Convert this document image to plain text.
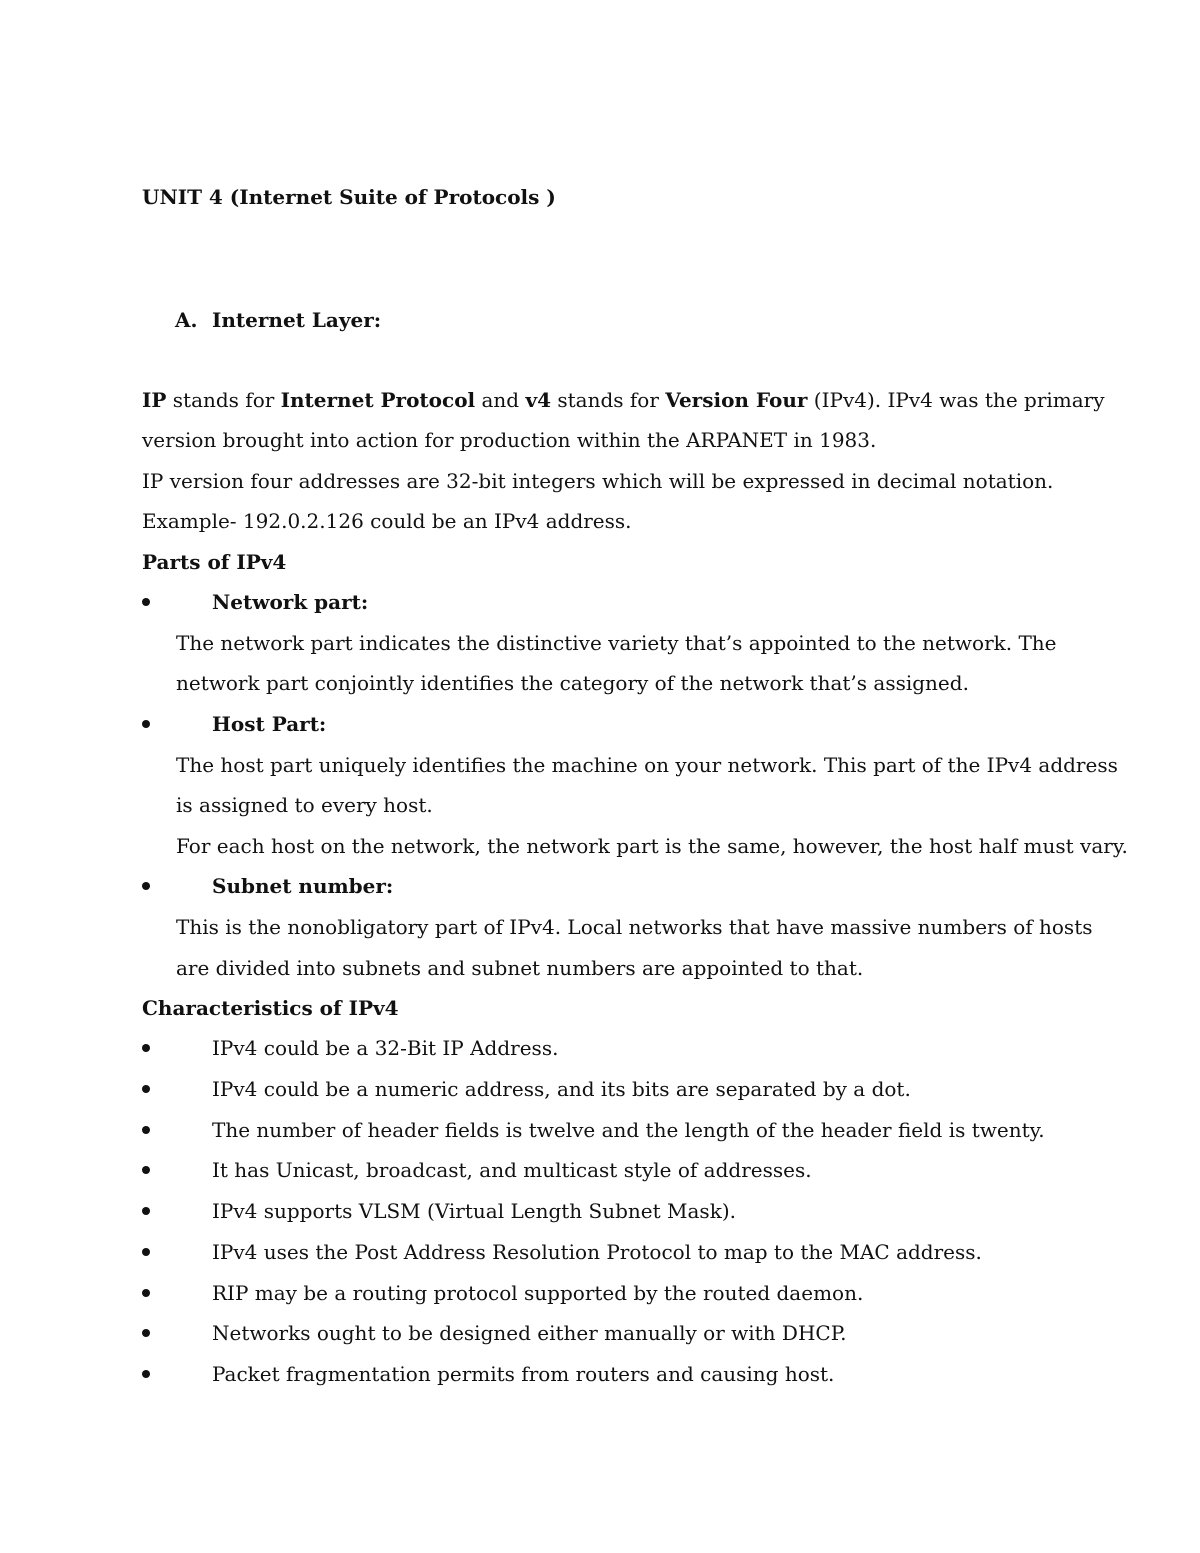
UNIT 4 (Internet Suite of Protocols )
A. Internet Layer:
IP stands for Internet Protocol and v4 stands for Version Four (IPv4). IPv4 was the primary
version brought into action for production within the ARPANET in 1983.
IP version four addresses are 32-bit integers which will be expressed in decimal notation.
Example- 192.0.2.126 could be an IPv4 address.
Parts of IPv4
Network part:
The network part indicates the distinctive variety that’s appointed to the network. The
network part conjointly identifies the category of the network that’s assigned.
Host Part:
The host part uniquely identifies the machine on your network. This part of the IPv4 address
is assigned to every host.
For each host on the network, the network part is the same, however, the host half must vary.
Subnet number:
This is the nonobligatory part of IPv4. Local networks that have massive numbers of hosts
are divided into subnets and subnet numbers are appointed to that.
Characteristics of IPv4
IPv4 could be a 32-Bit IP Address.
IPv4 could be a numeric address, and its bits are separated by a dot.
The number of header fields is twelve and the length of the header field is twenty.
It has Unicast, broadcast, and multicast style of addresses.
IPv4 supports VLSM (Virtual Length Subnet Mask).
IPv4 uses the Post Address Resolution Protocol to map to the MAC address.
RIP may be a routing protocol supported by the routed daemon.
Networks ought to be designed either manually or with DHCP.
Packet fragmentation permits from routers and causing host.
